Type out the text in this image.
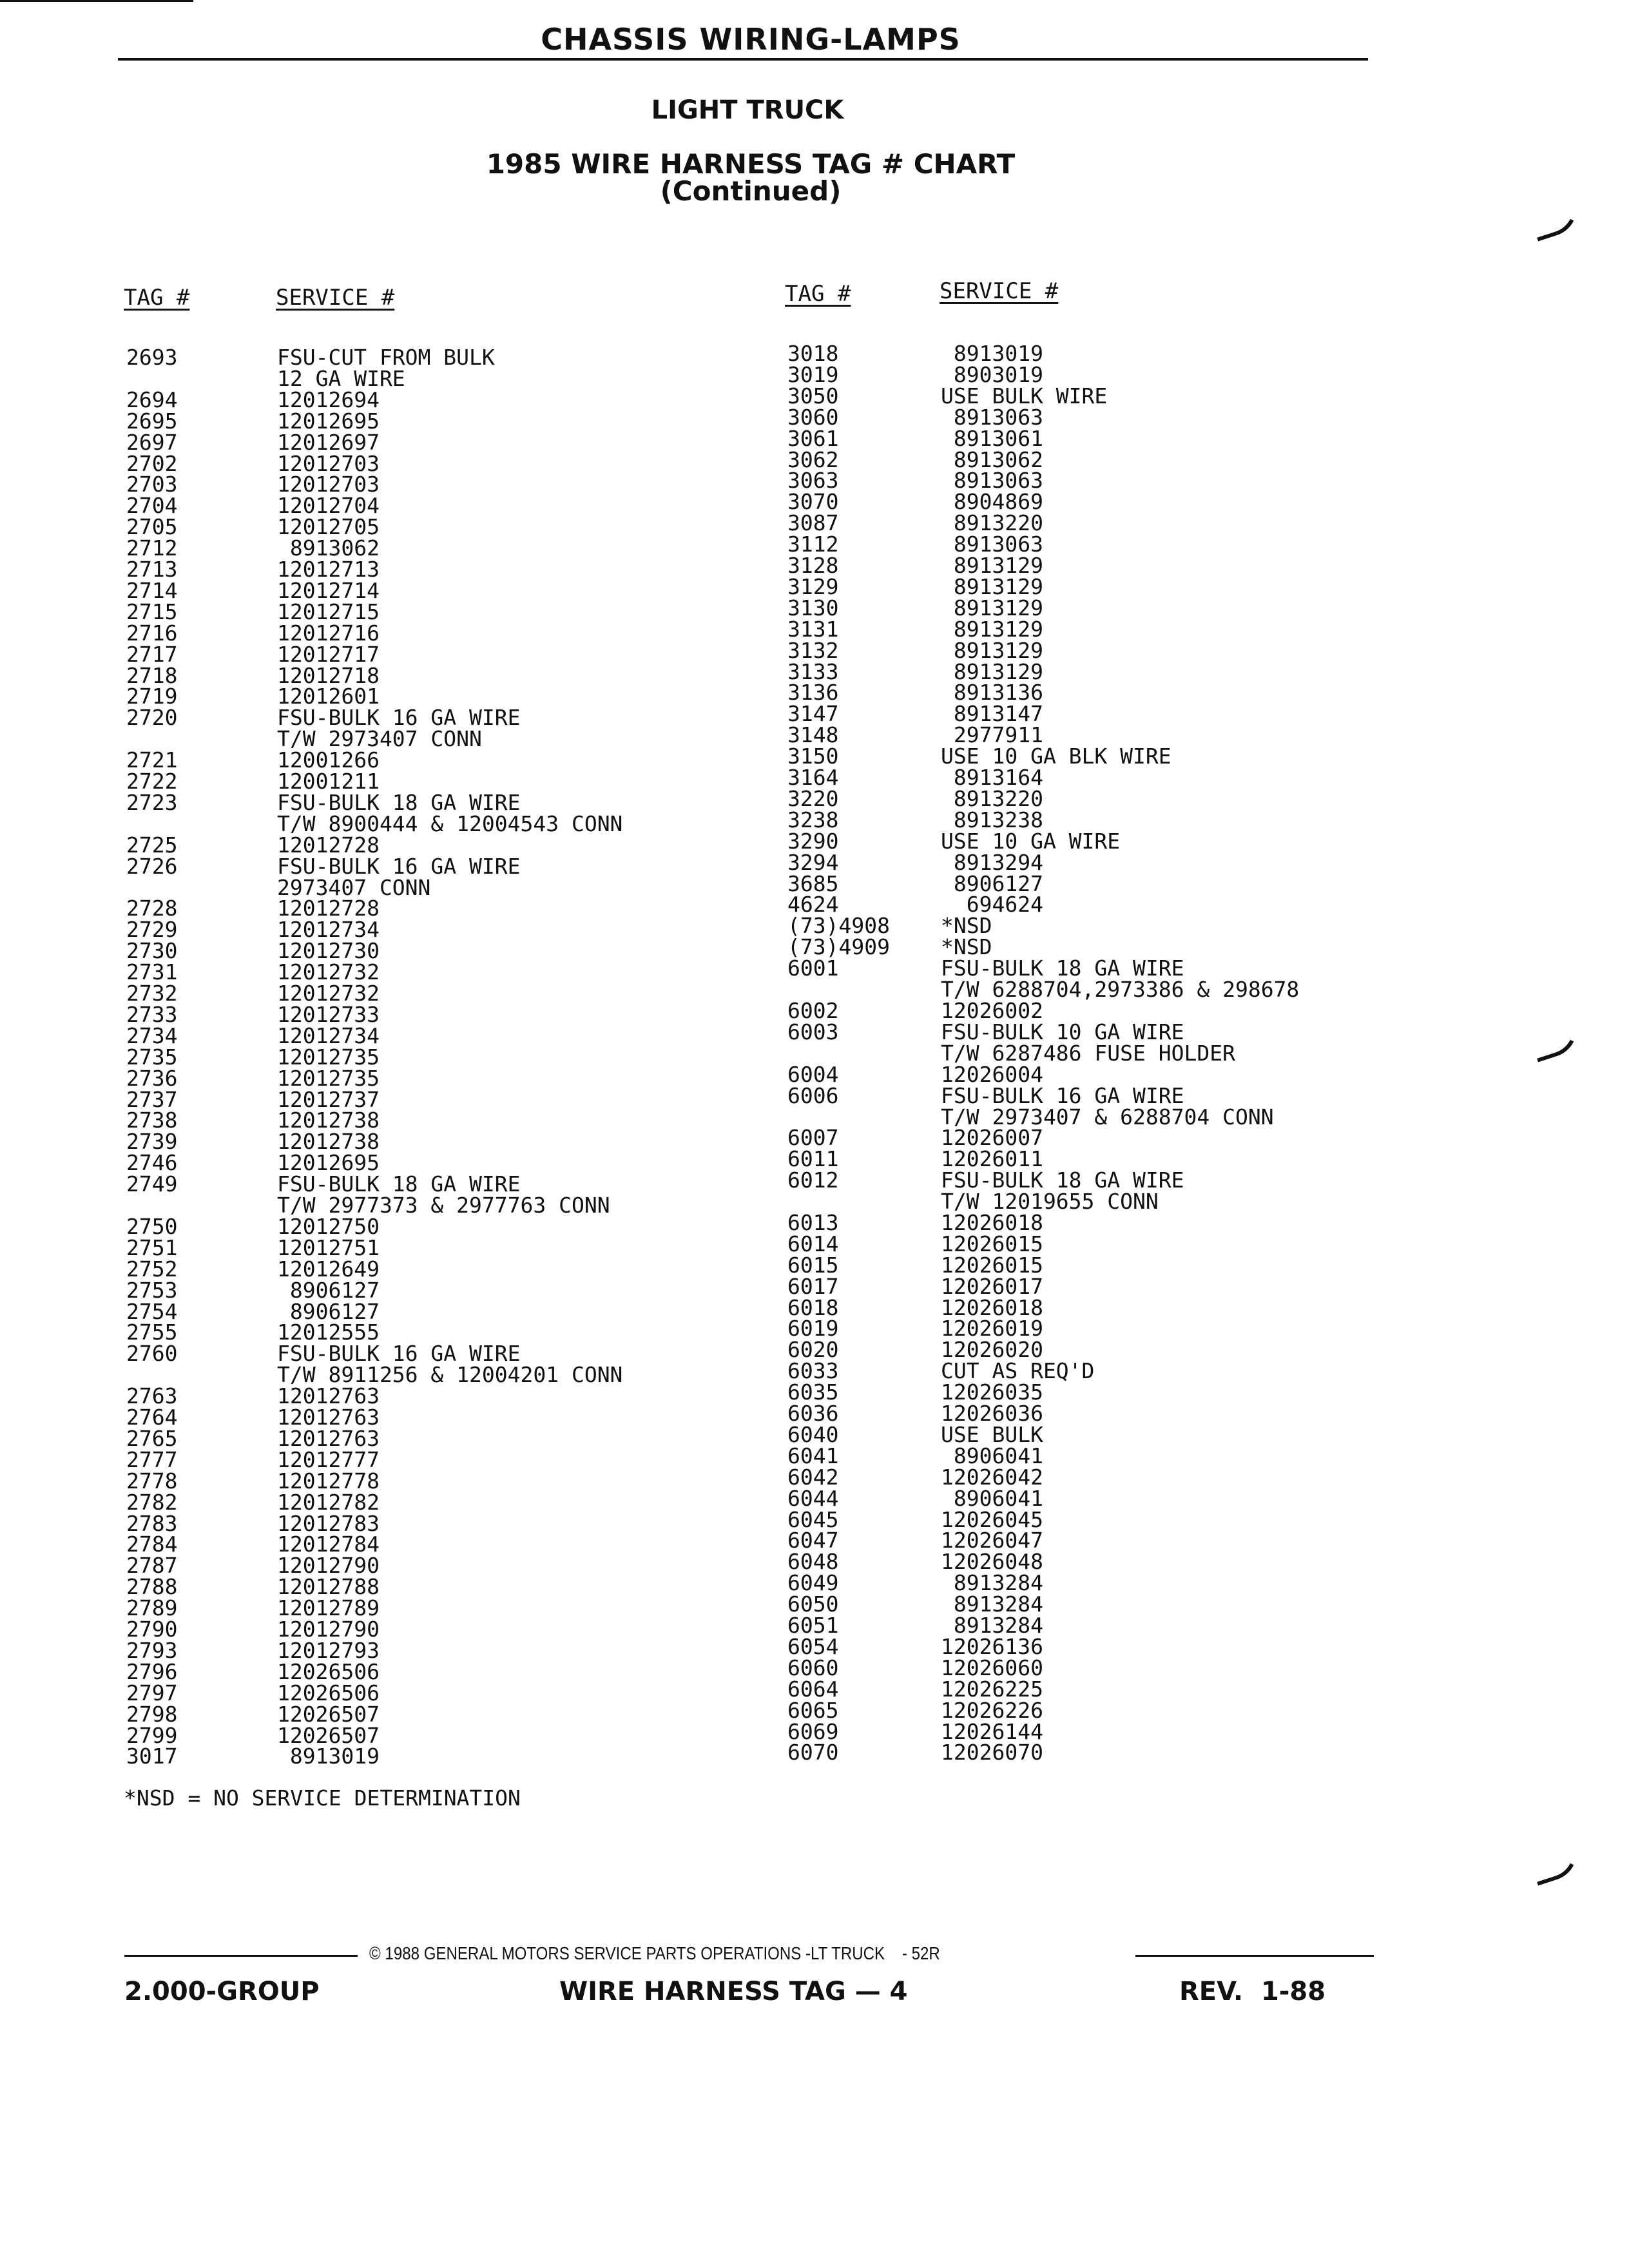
CHASSIS WIRING-LAMPS
LIGHT TRUCK
1985 WIRE HARNESS TAG # CHART
(Continued)
TAG #	SERVICE #	TAG #	SERVICE #
2693	FSU-CUT FROM BULK
12 GA WIRE
2694	12012694
2695	12012695
2697	12012697
2702	12012703
2703	12012703
2704	12012704
2705	12012705
2712	8913062
2713	12012713
2714	12012714
2715	12012715
2716	12012716
2717	12012717
2718	12012718
2719	12012601
2720	FSU-BULK 16 GA WIRE
T/W 2973407 CONN
2721	12001266
2722	12001211
2723	FSU-BULK 18 GA WIRE
T/W 8900444 & 12004543 CONN
2725	12012728
2726	FSU-BULK 16 GA WIRE
2973407 CONN
2728	12012728
2729	12012734
2730	12012730
2731	12012732
2732	12012732
2733	12012733
2734	12012734
2735	12012735
2736	12012735
2737	12012737
2738	12012738
2739	12012738
2746	12012695
2749	FSU-BULK 18 GA WIRE
T/W 2977373 & 2977763 CONN
2750	12012750
2751	12012751
2752	12012649
2753	8906127
2754	8906127
2755	12012555
2760	FSU-BULK 16 GA WIRE
T/W 8911256 & 12004201 CONN
2763	12012763
2764	12012763
2765	12012763
2777	12012777
2778	12012778
2782	12012782
2783	12012783
2784	12012784
2787	12012790
2788	12012788
2789	12012789
2790	12012790
2793	12012793
2796	12026506
2797	12026506
2798	12026507
2799	12026507
3017	8913019
3018	8913019
3019	8903019
3050	USE BULK WIRE
3060	8913063
3061	8913061
3062	8913062
3063	8913063
3070	8904869
3087	8913220
3112	8913063
3128	8913129
3129	8913129
3130	8913129
3131	8913129
3132	8913129
3133	8913129
3136	8913136
3147	8913147
3148	2977911
3150	USE 10 GA BLK WIRE
3164	8913164
3220	8913220
3238	8913238
3290	USE 10 GA WIRE
3294	8913294
3685	8906127
4624	694624
(73)4908 *NSD
(73)4909 *NSD
6001	FSU-BULK 18 GA WIRE
T/W 6288704,2973386 & 298678
6002	12026002
6003	FSU-BULK 10 GA WIRE
T/W 6287486 FUSE HOLDER
6004	12026004
6006	FSU-BULK 16 GA WIRE
T/W 2973407 & 6288704 CONN
6007	12026007
6011	12026011
6012	FSU-BULK 18 GA WIRE
T/W 12019655 CONN
6013	12026018
6014	12026015
6015	12026015
6017	12026017
6018	12026018
6019	12026019
6020	12026020
6033	CUT AS REQ'D
6035	12026035
6036	12026036
6040	USE BULK
6041	8906041
6042	12026042
6044	8906041
6045	12026045
6047	12026047
6048	12026048
6049	8913284
6050	8913284
6051	8913284
6054	12026136
6060	12026060
6064	12026225
6065	12026226
6069	12026144
6070	12026070
*NSD = NO SERVICE DETERMINATION
© 1988 GENERAL MOTORS SERVICE PARTS OPERATIONS -LT TRUCK    - 52R
2.000-GROUP	WIRE HARNESS TAG — 4	REV.  1-88
